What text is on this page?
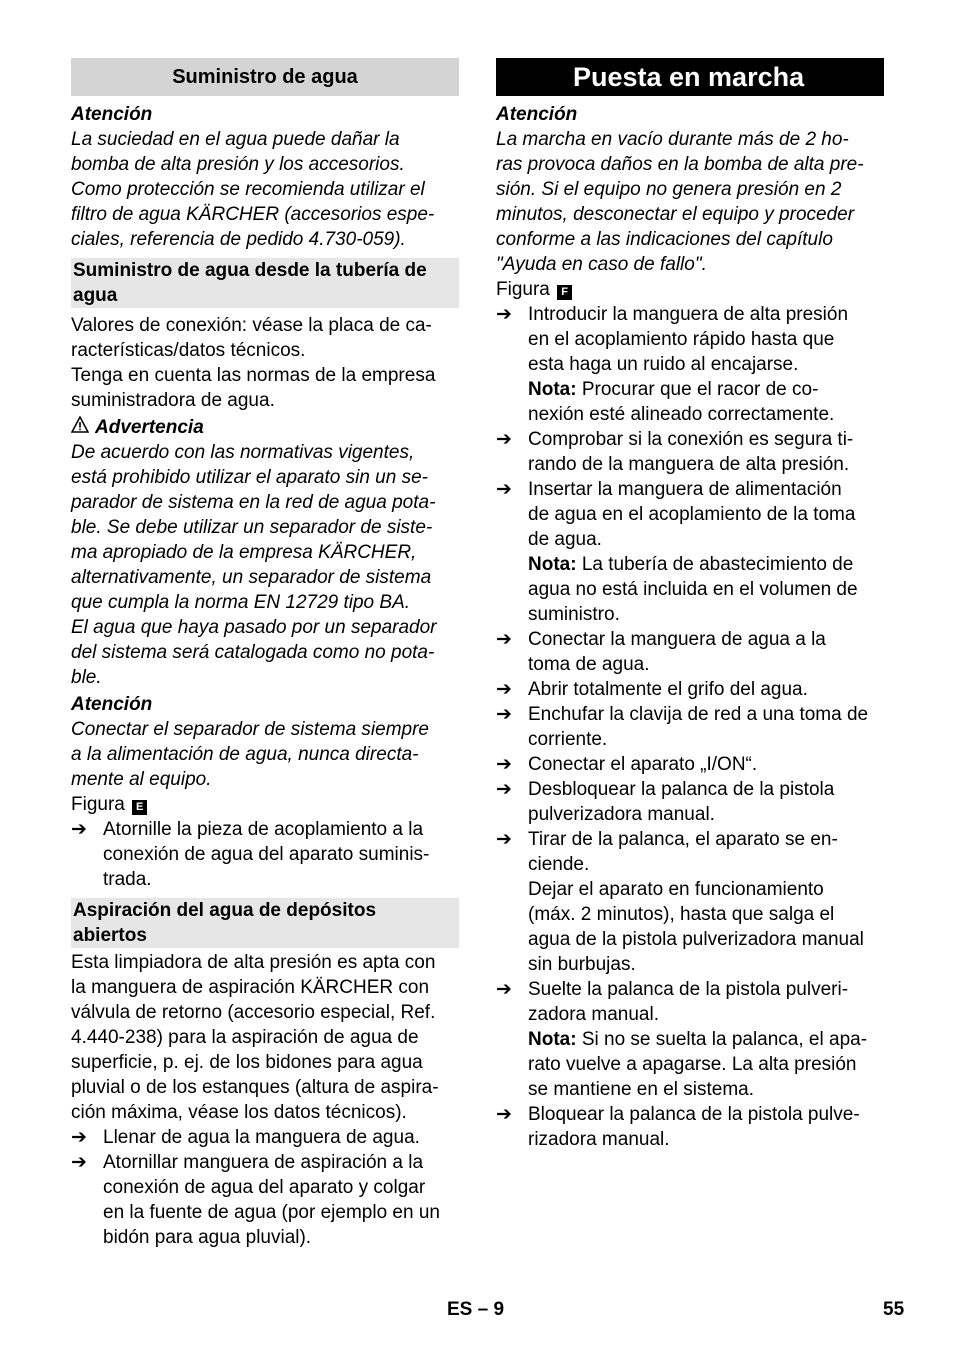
Suministro de agua

Atención

La suciedad en el agua puede dañar la
bomba de alta presión y los accesorios.
Como protección se recomienda utilizar el
filtro de agua KÄRCHER (accesorios espe-
ciales, referencia de pedido 4.730-059).
Suministro de agua desde la tubería de
agua
Valores de conexión: véase la placa de ca-
racterísticas/datos técnicos.
Tenga en cuenta las normas de la empresa
suministradora de agua.

Advertencia

De acuerdo con las normativas vigentes,
está prohibido utilizar el aparato sin un se-
parador de sistema en la red de agua pota-
ble. Se debe utilizar un separador de siste-
ma apropiado de la empresa KÄRCHER,
alternativamente, un separador de sistema
que cumpla la norma EN 12729 tipo BA.
El agua que haya pasado por un separador
del sistema será catalogada como no pota-
ble.

Atención

Conectar el separador de sistema siempre
a la alimentación de agua, nunca directa-
mente al equipo.

Figura E

➔ Atornille la pieza de acoplamiento a la
conexión de agua del aparato suminis-
trada.
Aspiración del agua de depósitos
abiertos
Esta limpiadora de alta presión es apta con
la manguera de aspiración KÄRCHER con
válvula de retorno (accesorio especial, Ref.
4.440-238) para la aspiración de agua de
superficie, p. ej. de los bidones para agua
pluvial o de los estanques (altura de aspira-
ción máxima, véase los datos técnicos).
➔ Llenar de agua la manguera de agua.
➔ Atornillar manguera de aspiración a la
conexión de agua del aparato y colgar
en la fuente de agua (por ejemplo en un
bidón para agua pluvial).
Puesta en marcha

Atención

La marcha en vacío durante más de 2 ho-
ras provoca daños en la bomba de alta pre-
sión. Si el equipo no genera presión en 2
minutos, desconectar el equipo y proceder
conforme a las indicaciones del capítulo
"Ayuda en caso de fallo".

Figura F

➔ Introducir la manguera de alta presión
en el acoplamiento rápido hasta que
esta haga un ruido al encajarse.
Nota: Procurar que el racor de co-
nexión esté alineado correctamente.
➔ Comprobar si la conexión es segura ti-
rando de la manguera de alta presión.
➔ Insertar la manguera de alimentación
de agua en el acoplamiento de la toma
de agua.
Nota: La tubería de abastecimiento de
agua no está incluida en el volumen de
suministro.
➔ Conectar la manguera de agua a la
toma de agua.
➔ Abrir totalmente el grifo del agua.
➔ Enchufar la clavija de red a una toma de
corriente.
➔ Conectar el aparato „I/ON“.
➔ Desbloquear la palanca de la pistola
pulverizadora manual.
➔ Tirar de la palanca, el aparato se en-
ciende.
Dejar el aparato en funcionamiento
(máx. 2 minutos), hasta que salga el
agua de la pistola pulverizadora manual
sin burbujas.
➔ Suelte la palanca de la pistola pulveri-
zadora manual.
Nota: Si no se suelta la palanca, el apa-
rato vuelve a apagarse. La alta presión
se mantiene en el sistema.
➔ Bloquear la palanca de la pistola pulve-
rizadora manual.
ES – 9	55
